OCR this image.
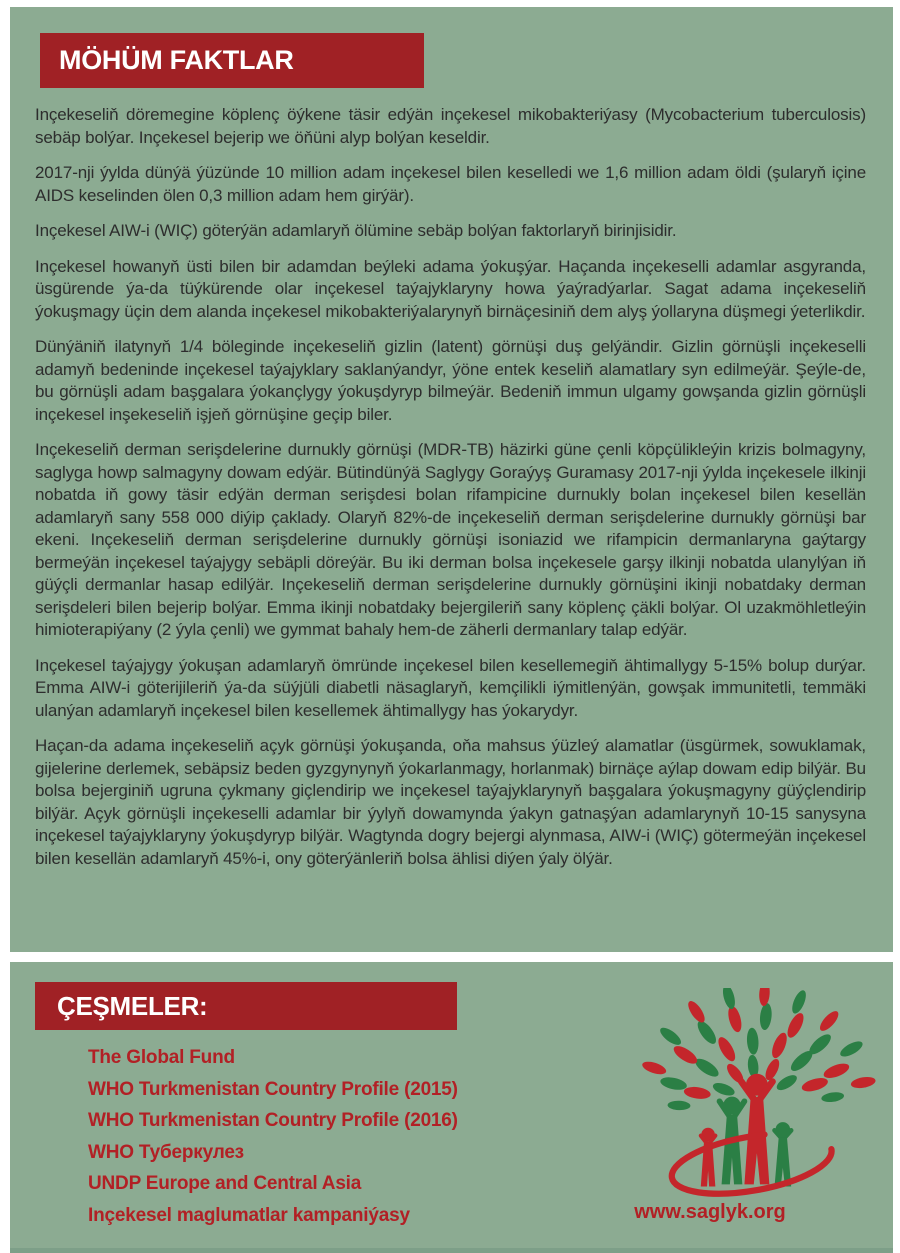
MÖHÜM FAKTLAR
Inçekeseliň döremegine köplenç öýkene täsir edýän inçekesel mikobakteriýasy (Mycobacterium tuberculosis) sebäp bolýar. Inçekesel bejerip we öňüni alyp bolýan keseldir.
2017-nji ýylda dünýä ýüzünde 10 million adam inçekesel bilen keselledi we 1,6 million adam öldi (şularyň içine AIDS keselinden ölen 0,3 million adam hem girýär).
Inçekesel AIW-i (WIÇ) göterýän adamlaryň ölümine sebäp bolýan faktorlaryň birinjisidir.
Inçekesel howanyň üsti bilen bir adamdan beýleki adama ýokuşýar. Haçanda inçekeselli adamlar asgyranda, üsgürende ýa-da tüýkürende olar inçekesel taýajyklaryny howa ýaýradýarlar. Sagat adama inçekeseliň ýokuşmagy üçin dem alanda inçekesel mikobakteriýalarynyň birnäçesiniň dem alyş ýollaryna düşmegi ýeterlikdir.
Dünýäniň ilatynyň 1/4 böleginde inçekeseliň gizlin (latent) görnüşi duş gelýändir. Gizlin görnüşli inçekeselli adamyň bedeninde inçekesel taýajyklary saklanýandyr, ýöne entek keseliň alamatlary syn edilmeýär. Şeýle-de, bu görnüşli adam başgalara ýokançlygy ýokuşdyryp bilmeýär. Bedeniň immun ulgamy gowşanda gizlin görnüşli inçekesel inşekeseliň işjeň görnüşine geçip biler.
Inçekeseliň derman serişdelerine durnukly görnüşi (MDR-TB) häzirki güne çenli köpçülikleýin krizis bolmagyny, saglyga howp salmagyny dowam edýär. Bütindünýä Saglygy Goraýyş Guramasy 2017-nji ýylda inçekesele ilkinji nobatda iň gowy täsir edýän derman serişdesi bolan rifampicine durnukly bolan inçekesel bilen kesellän adamlaryň sany 558 000 diýip çaklady. Olaryň 82%-de inçekeseliň derman serişdelerine durnukly görnüşi bar ekeni. Inçekeseliň derman serişdelerine durnukly görnüşi isoniazid we rifampicin dermanlaryna gaýtargy bermeýän inçekesel taýajygy sebäpli döreýär. Bu iki derman bolsa inçekesele garşy ilkinji nobatda ulanylýan iň güýçli dermanlar hasap edilýär. Inçekeseliň derman serişdelerine durnukly görnüşini ikinji nobatdaky derman serişdeleri bilen bejerip bolýar. Emma ikinji nobatdaky bejergileriň sany köplenç çäkli bolýar. Ol uzakmöhletleýin himioterapiýany (2 ýyla çenli) we gymmat bahaly hem-de zäherli dermanlary talap edýär.
Inçekesel taýajygy ýokuşan adamlaryň ömründe inçekesel bilen kesellemegiň ähtimallygy 5-15% bolup durýar. Emma AIW-i göterijileriň ýa-da süýjüli diabetli näsaglaryň, kemçilikli iýmitlenýän, gowşak immunitetli, temmäki ulanýan adamlaryň inçekesel bilen kesellemek ähtimallygy has ýokarydyr.
Haçan-da adama inçekeseliň açyk görnüşi ýokuşanda, oňa mahsus ýüzleý alamatlar (üsgürmek, sowuklamak, gijelerine derlemek, sebäpsiz beden gyzgynynyň ýokarlanmagy, horlanmak) birnäçe aýlap dowam edip bilýär. Bu bolsa bejerginiň ugruna çykmany giçlendirip we inçekesel taýajyklarynyň başgalara ýokuşmagyny güýçlendirip bilýär. Açyk görnüşli inçekeselli adamlar bir ýylyň dowamynda ýakyn gatnaşýan adamlarynyň 10-15 sanysyna inçekesel taýajyklaryny ýokuşdyryp bilýär. Wagtynda dogry bejergi alynmasa, AIW-i (WIÇ) götermeýän inçekesel bilen kesellän adamlaryň 45%-i, ony göterýänleriň bolsa ählisi diýen ýaly ölýär.
ÇEŞMELER:
The Global Fund
WHO Turkmenistan Country Profile (2015)
WHO Turkmenistan Country Profile (2016)
WHO Туберкулез
UNDP Europe and Central Asia
Inçekesel maglumatlar kampaniýasy	www.saglyk.org
